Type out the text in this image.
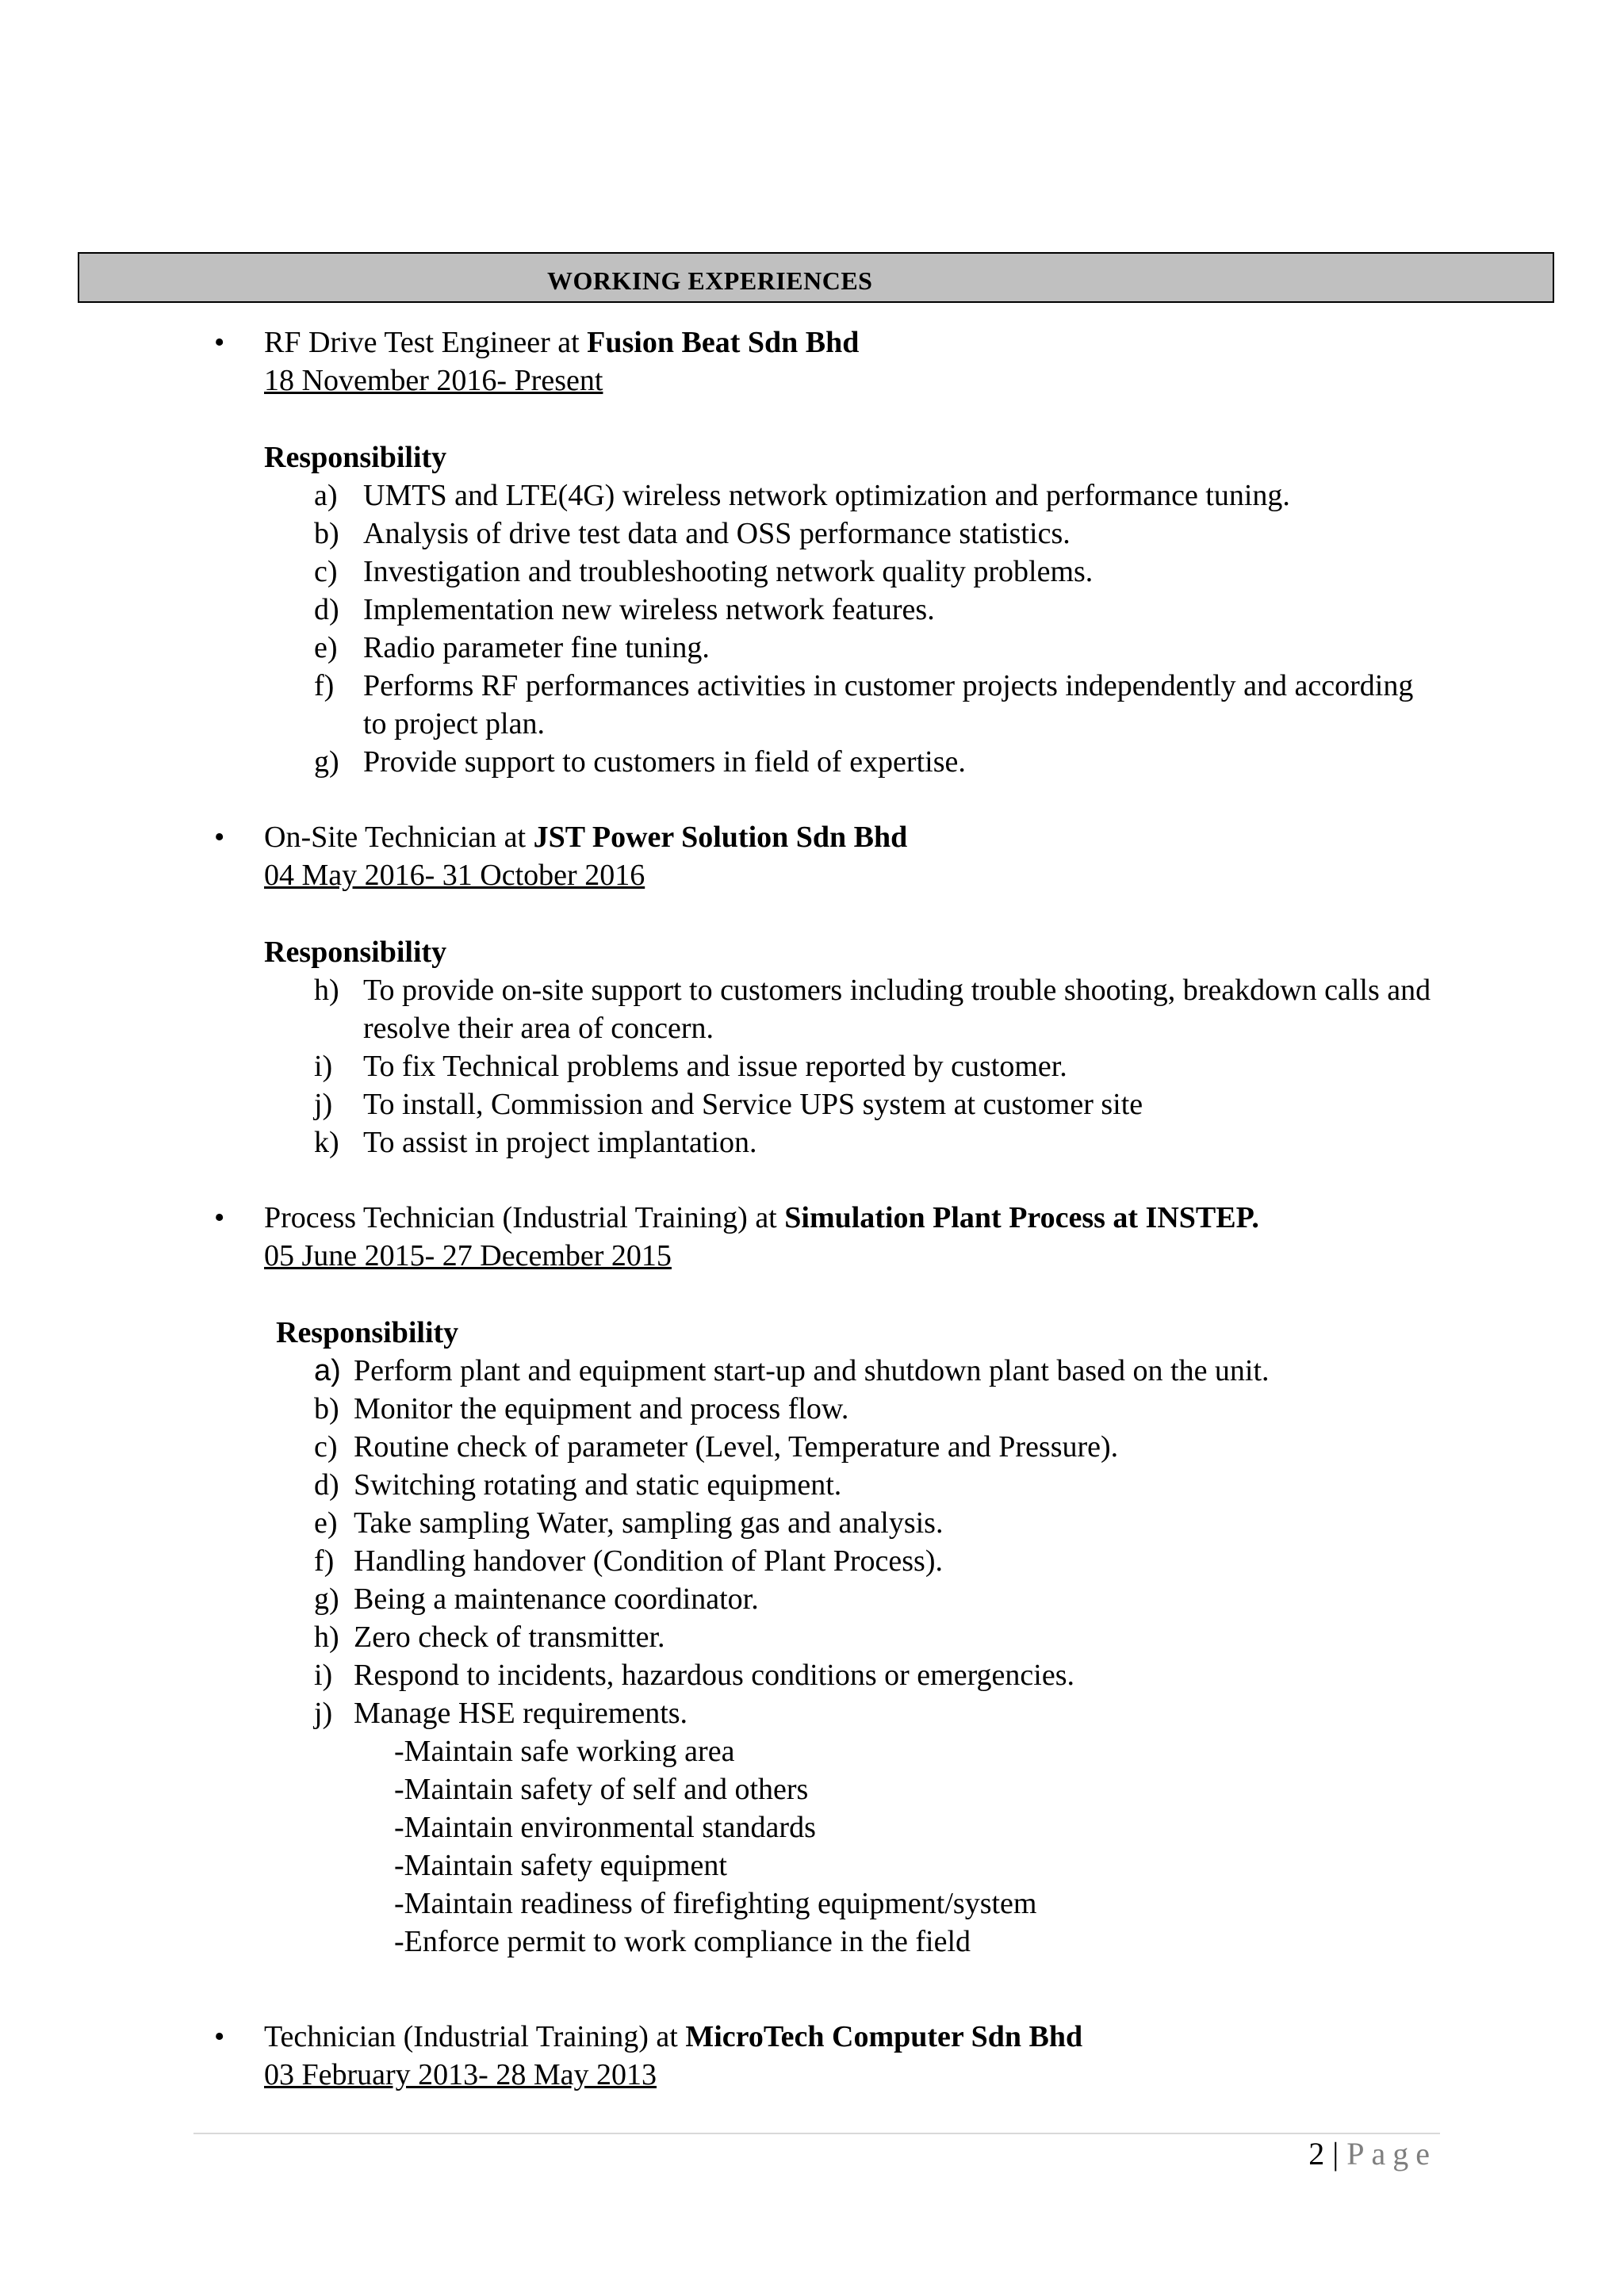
WORKING EXPERIENCES
• RF Drive Test Engineer at Fusion Beat Sdn Bhd
18 November 2016- Present
Responsibility
a) UMTS and LTE(4G) wireless network optimization and performance tuning.
b) Analysis of drive test data and OSS performance statistics.
c) Investigation and troubleshooting network quality problems.
d) Implementation new wireless network features.
e) Radio parameter fine tuning.
f) Performs RF performances activities in customer projects independently and according to project plan.
g) Provide support to customers in field of expertise.
• On-Site Technician at JST Power Solution Sdn Bhd
04 May 2016- 31 October 2016
Responsibility
h) To provide on-site support to customers including trouble shooting, breakdown calls and resolve their area of concern.
i) To fix Technical problems and issue reported by customer.
j) To install, Commission and Service UPS system at customer site
k) To assist in project implantation.
• Process Technician (Industrial Training) at Simulation Plant Process at INSTEP.
05 June 2015- 27 December 2015
Responsibility
a) Perform plant and equipment start-up and shutdown plant based on the unit.
b) Monitor the equipment and process flow.
c) Routine check of parameter (Level, Temperature and Pressure).
d) Switching rotating and static equipment.
e) Take sampling Water, sampling gas and analysis.
f) Handling handover (Condition of Plant Process).
g) Being a maintenance coordinator.
h) Zero check of transmitter.
i) Respond to incidents, hazardous conditions or emergencies.
j) Manage HSE requirements.
-Maintain safe working area
-Maintain safety of self and others
-Maintain environmental standards
-Maintain safety equipment
-Maintain readiness of firefighting equipment/system
-Enforce permit to work compliance in the field
• Technician (Industrial Training) at MicroTech Computer Sdn Bhd
03 February 2013- 28 May 2013
2 | Page
